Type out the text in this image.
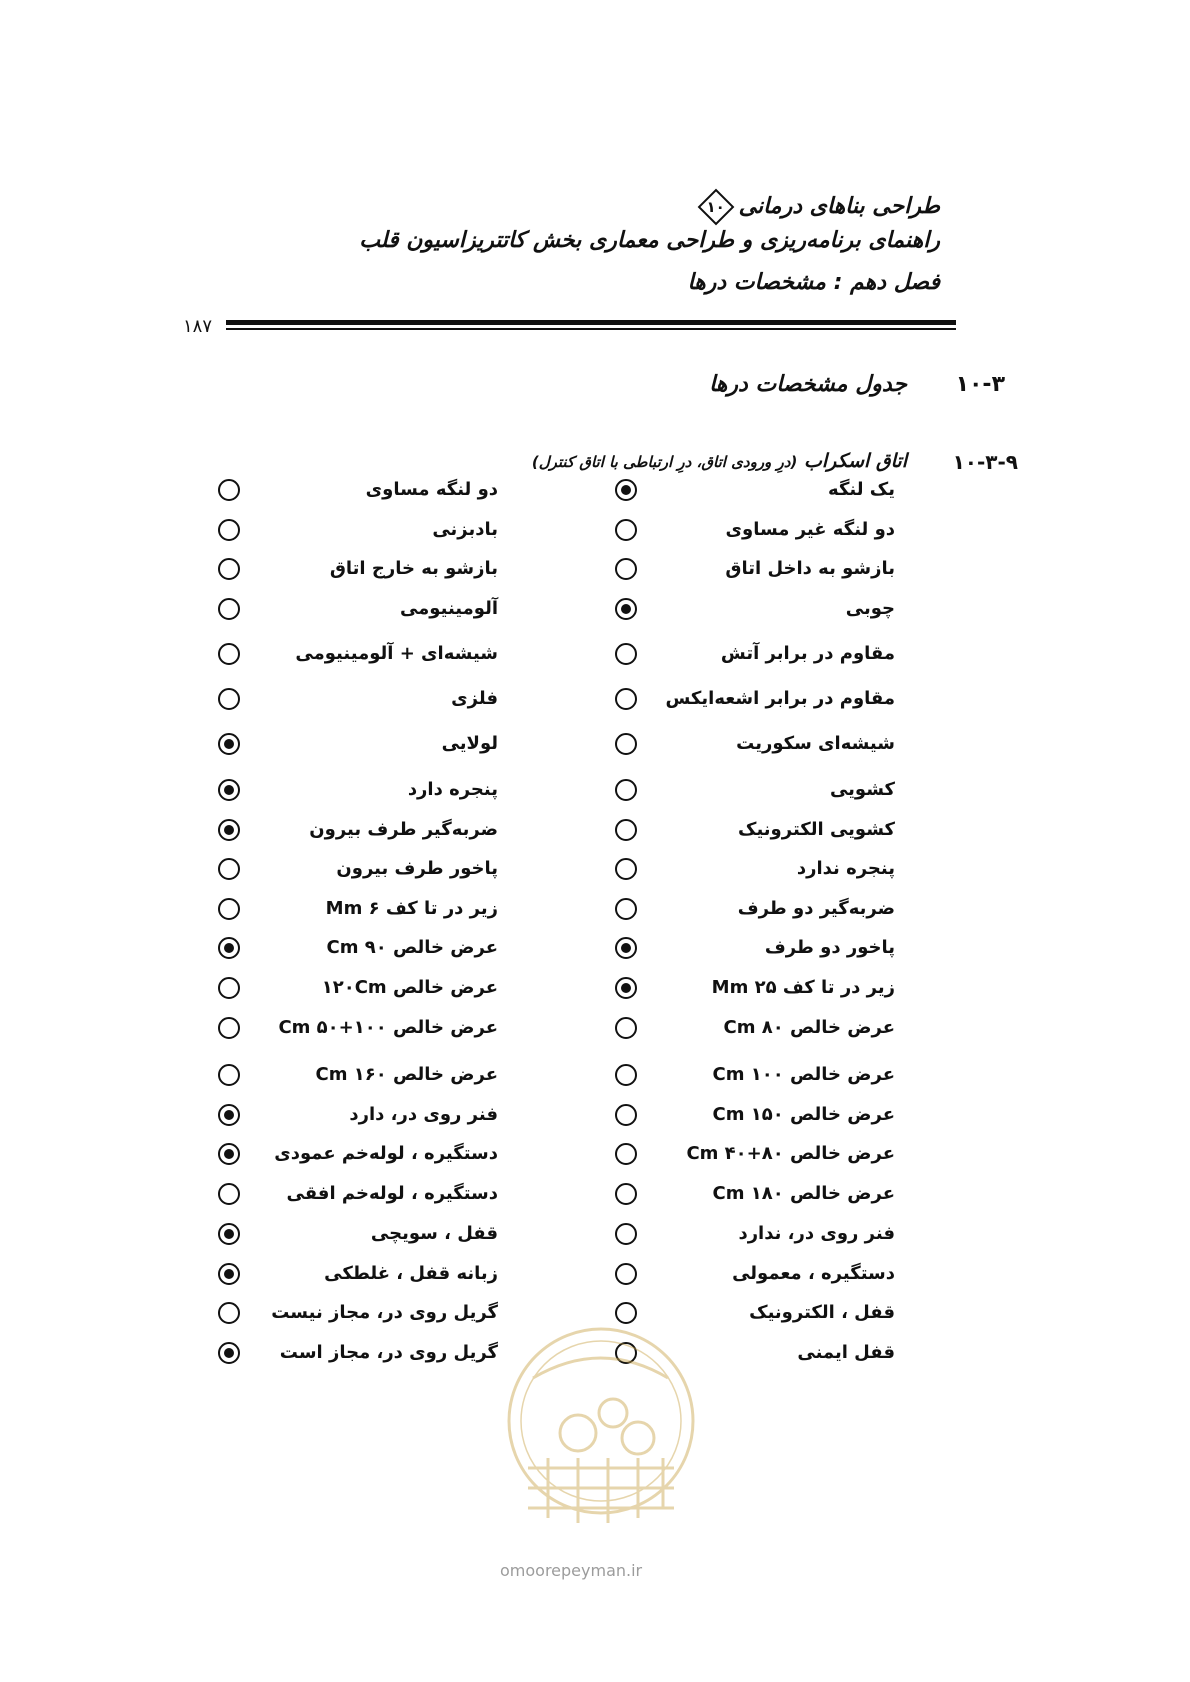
طراحی بناهای درمانی
۱۰
راهنمای برنامه‌ریزی و طراحی معماری بخش کاتتریزاسیون قلب
فصل دهم : مشخصات درها
۱۸۷
۱۰-۳
جدول مشخصات درها
۱۰-۳-۹
اتاق اسکراب (درِ ورودی اتاق، درِ ارتباطی با اتاق کنترل)
یک لنگه
دو لنگه مساوی
دو لنگه غیر مساوی
بادبزنی
بازشو به داخل اتاق
بازشو به خارج اتاق
چوبی
آلومینیومی
مقاوم در برابر آتش
شیشه‌ای + آلومینیومی
مقاوم در برابر اشعه‌ایکس
فلزی
شیشه‌ای سکوریت
لولایی
کشویی
پنجره دارد
کشویی الکترونیک
ضربه‌گیر طرف بیرون
پنجره ندارد
پاخور طرف بیرون
ضربه‌گیر دو طرف
زیر در تا کف Mm ۶
پاخور دو طرف
عرض خالص Cm ۹۰
زیر در تا کف Mm ۲۵
عرض خالص ۱۲۰Cm
عرض خالص Cm ۸۰
عرض خالص Cm ۵۰+۱۰۰
عرض خالص Cm ۱۰۰
عرض خالص Cm ۱۶۰
عرض خالص Cm ۱۵۰
فنر روی در، دارد
عرض خالص Cm ۴۰+۸۰
دستگیره ، لوله‌خم عمودی
عرض خالص Cm ۱۸۰
دستگیره ، لوله‌خم افقی
فنر روی در، ندارد
قفل ، سویچی
دستگیره ، معمولی
زبانه قفل ، غلطکی
قفل ، الکترونیک
گریل روی در، مجاز نیست
قفل ایمنی
گریل روی در، مجاز است
omoorepeyman.ir
